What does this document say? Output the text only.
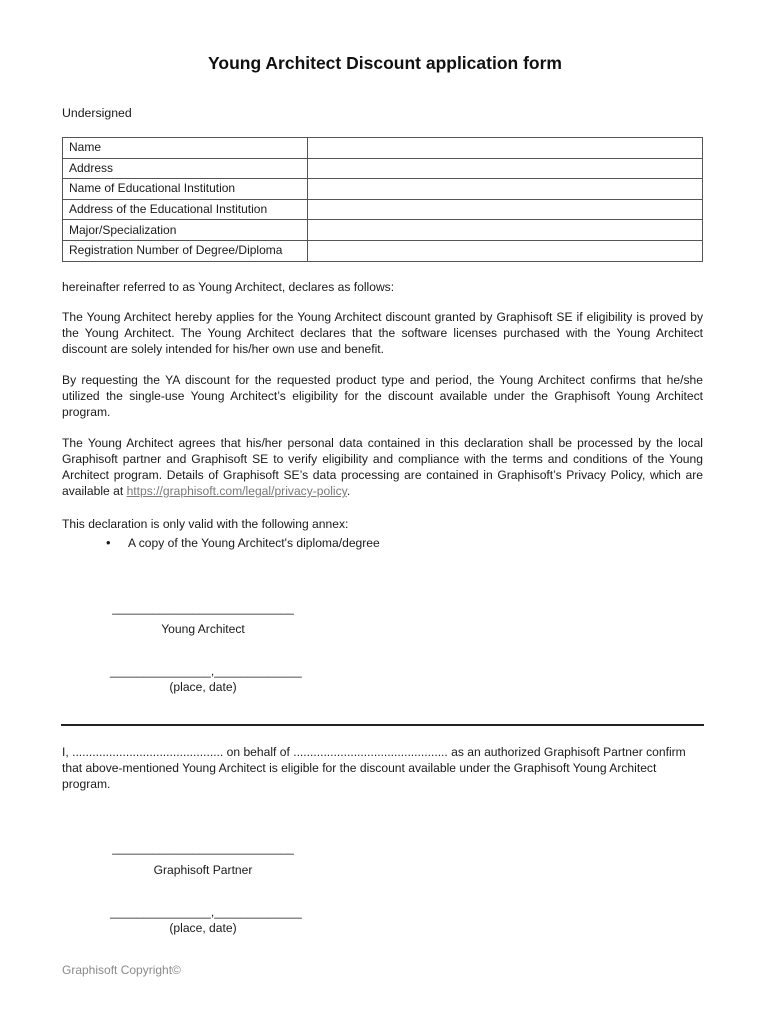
Young Architect Discount application form
Undersigned
Name	
Address	
Name of Educational Institution	
Address of the Educational Institution	
Major/Specialization	
Registration Number of Degree/Diploma	

hereinafter referred to as Young Architect, declares as follows:

The Young Architect hereby applies for the Young Architect discount granted by Graphisoft SE if eligibility is proved by the Young Architect. The Young Architect declares that the software licenses purchased with the Young Architect discount are solely intended for his/her own use and benefit.

By requesting the YA discount for the requested product type and period, the Young Architect confirms that he/she utilized the single-use Young Architect’s eligibility for the discount available under the Graphisoft Young Architect program.

The Young Architect agrees that his/her personal data contained in this declaration shall be processed by the local Graphisoft partner and Graphisoft SE to verify eligibility and compliance with the terms and conditions of the Young Architect program. Details of Graphisoft SE’s data processing are contained in Graphisoft’s Privacy Policy, which are available at https://graphisoft.com/legal/privacy-policy.

This declaration is only valid with the following annex:

• A copy of the Young Architect's diploma/degree
___________________________
Young Architect
_______________,_____________
(place, date)

I, ............................................. on behalf of .............................................. as an authorized Graphisoft Partner confirm that above-mentioned Young Architect is eligible for the discount available under the Graphisoft Young Architect program.

___________________________
Graphisoft Partner
_______________,_____________
(place, date)
Graphisoft Copyright©
